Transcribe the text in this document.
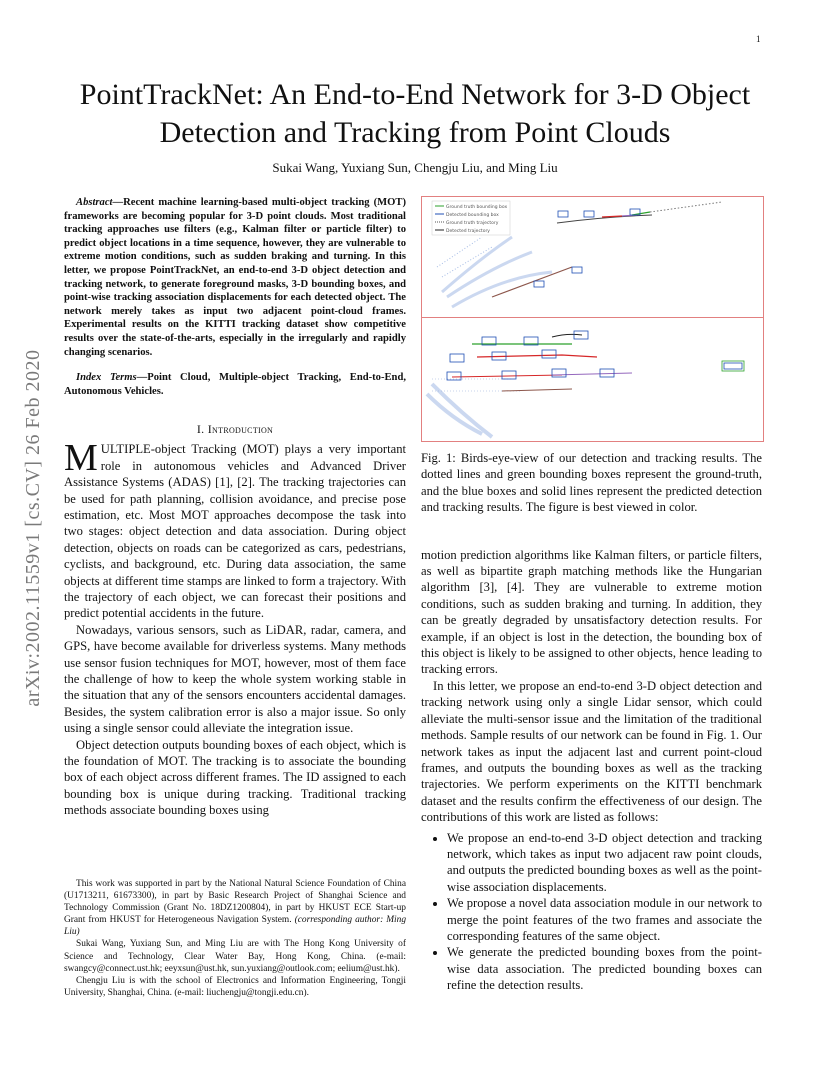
1
arXiv:2002.11559v1 [cs.CV] 26 Feb 2020
PointTrackNet: An End-to-End Network for 3-D Object Detection and Tracking from Point Clouds
Sukai Wang, Yuxiang Sun, Chengju Liu, and Ming Liu

Abstract—Recent machine learning-based multi-object tracking (MOT) frameworks are becoming popular for 3-D point clouds. Most traditional tracking approaches use filters (e.g., Kalman filter or particle filter) to predict object locations in a time sequence, however, they are vulnerable to extreme motion conditions, such as sudden braking and turning. In this letter, we propose PointTrackNet, an end-to-end 3-D object detection and tracking network, to generate foreground masks, 3-D bounding boxes, and point-wise tracking association displacements for each detected object. The network merely takes as input two adjacent point-cloud frames. Experimental results on the KITTI tracking dataset show competitive results over the state-of-the-arts, especially in the irregularly and rapidly changing scenarios.

Index Terms—Point Cloud, Multiple-object Tracking, End-to-End, Autonomous Vehicles.

I. Introduction

MULTIPLE-object Tracking (MOT) plays a very important role in autonomous vehicles and Advanced Driver Assistance Systems (ADAS) [1], [2]. The tracking trajectories can be used for path planning, collision avoidance, and precise pose estimation, etc. Most MOT approaches decompose the task into two stages: object detection and data association. During object detection, objects on roads can be categorized as cars, pedestrians, cyclists, and background, etc. During data association, the same objects at different time stamps are linked to form a trajectory. With the trajectory of each object, we can forecast their positions and predict potential accidents in the future.

Nowadays, various sensors, such as LiDAR, radar, camera, and GPS, have become available for driverless systems. Many methods use sensor fusion techniques for MOT, however, most of them face the challenge of how to keep the whole system working stable in the situation that any of the sensors encounters accidental damages. Besides, the system calibration error is also a major issue. So only using a single sensor could alleviate the integration issue.

Object detection outputs bounding boxes of each object, which is the foundation of MOT. The tracking is to associate the bounding box of each object across different frames. The ID assigned to each bounding box is unique during tracking. Traditional tracking methods associate bounding boxes using

This work was supported in part by the National Natural Science Foundation of China (U1713211, 61673300), in part by Basic Research Project of Shanghai Science and Technology Commission (Grant No. 18DZ1200804), in part by HKUST ECE Start-up Grant from HKUST for Heterogeneous Navigation System. (corresponding author: Ming Liu)

Sukai Wang, Yuxiang Sun, and Ming Liu are with The Hong Kong University of Science and Technology, Clear Water Bay, Hong Kong, China. (e-mail: swangcy@connect.ust.hk; eeyxsun@ust.hk, sun.yuxiang@outlook.com; eelium@ust.hk).

Chengju Liu is with the school of Electronics and Information Engineering, Tongji University, Shanghai, China. (e-mail: liuchengju@tongji.edu.cn).

Ground truth bounding box
Detected bounding box
Ground truth trajectory
Detected trajectory
Fig. 1: Birds-eye-view of our detection and tracking results. The dotted lines and green bounding boxes represent the ground-truth, and the blue boxes and solid lines represent the predicted detection and tracking results. The figure is best viewed in color.

motion prediction algorithms like Kalman filters, or particle filters, as well as bipartite graph matching methods like the Hungarian algorithm [3], [4]. They are vulnerable to extreme motion conditions, such as sudden braking and turning. In addition, they can be greatly degraded by unsatisfactory detection results. For example, if an object is lost in the detection, the bounding box of this object is likely to be assigned to other objects, hence leading to tracking errors.

In this letter, we propose an end-to-end 3-D object detection and tracking network using only a single Lidar sensor, which could alleviate the multi-sensor issue and the limitation of the traditional methods. Sample results of our network can be found in Fig. 1. Our network takes as input the adjacent last and current point-cloud frames, and outputs the bounding boxes as well as the tracking trajectories. We perform experiments on the KITTI benchmark dataset and the results confirm the effectiveness of our design. The contributions of this work are listed as follows:

• We propose an end-to-end 3-D object detection and tracking network, which takes as input two adjacent raw point clouds, and outputs the predicted bounding boxes as well as the point-wise association displacements.
• We propose a novel data association module in our network to merge the point features of the two frames and associate the corresponding features of the same object.
• We generate the predicted bounding boxes from the point-wise data association. The predicted bounding boxes can refine the detection results.
